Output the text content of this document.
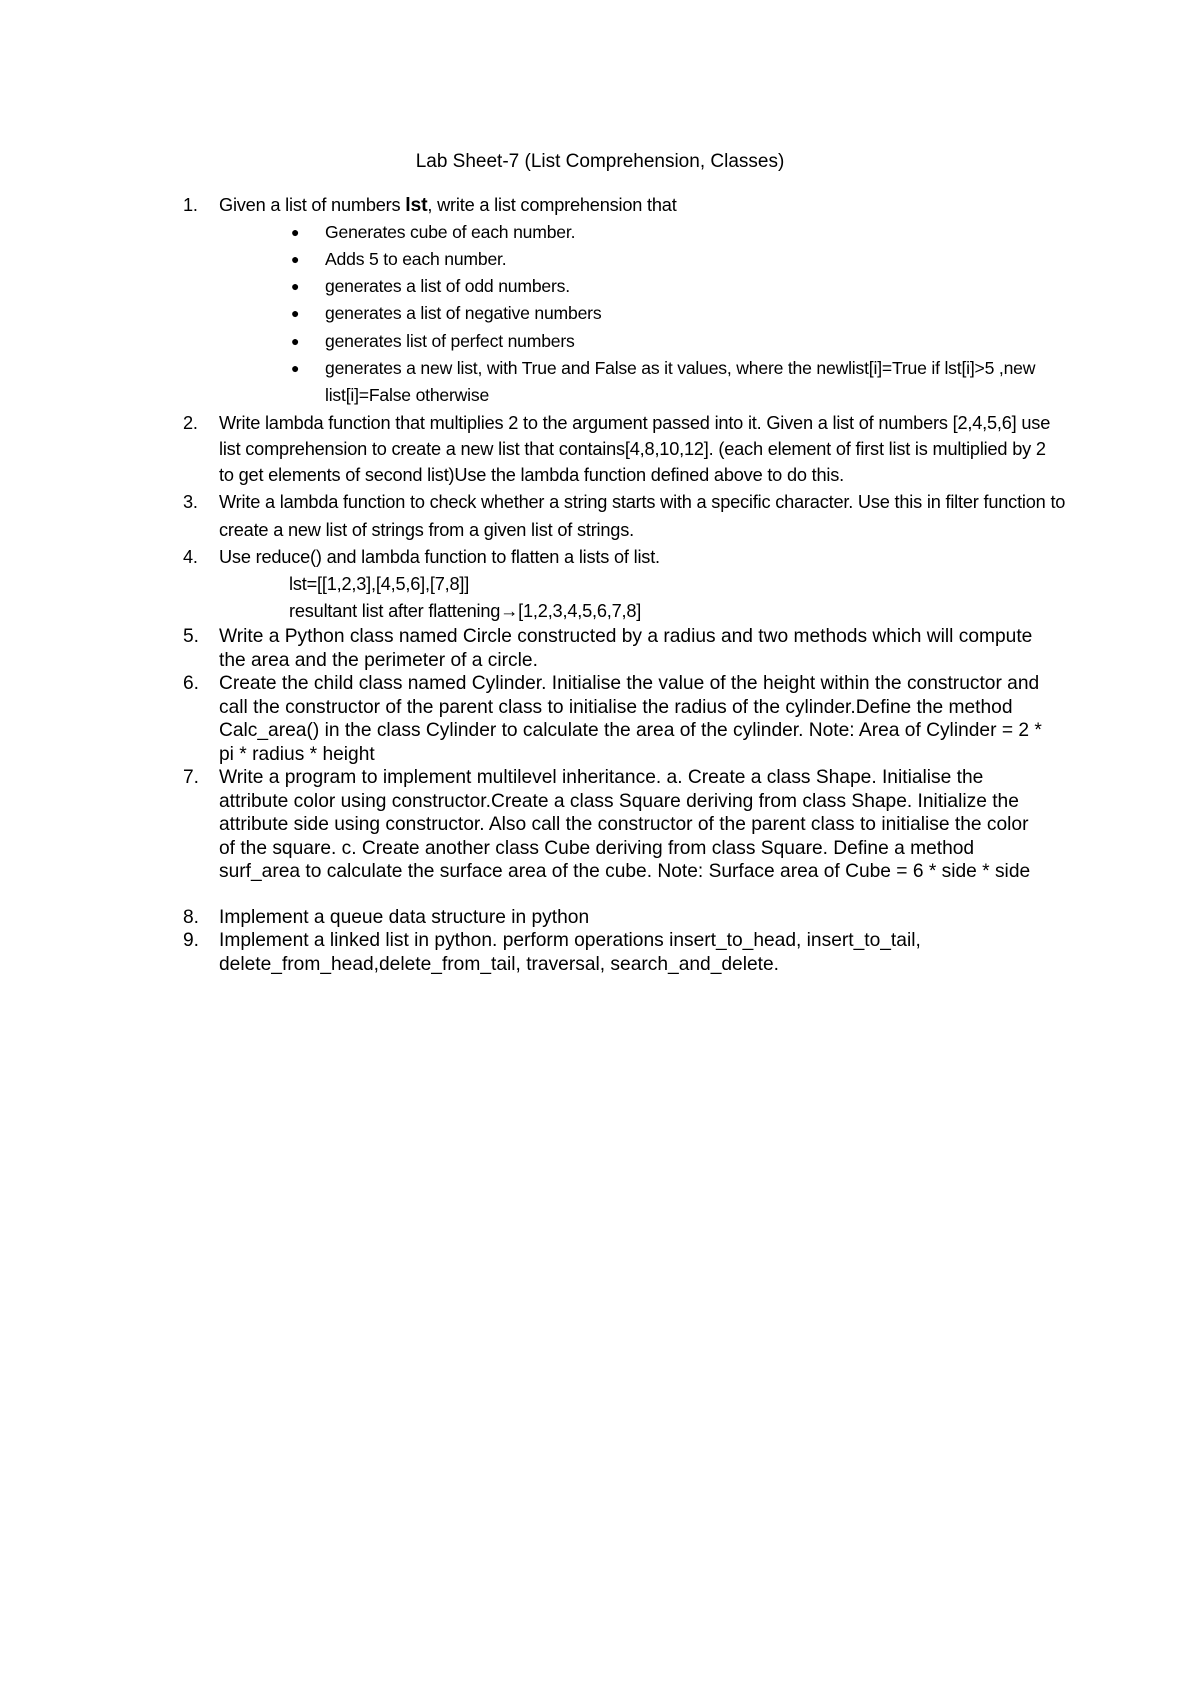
Lab Sheet-7 (List Comprehension, Classes)
1. Given a list of numbers lst, write a list comprehension that
● Generates cube of each number.
● Adds 5 to each number.
● generates a list of odd numbers.
● generates a list of negative numbers
● generates list of perfect numbers
● generates a new list, with True and False as it values, where the newlist[i]=True if lst[i]>5 ,new list[i]=False otherwise
2. Write lambda function that multiplies 2 to the argument passed into it. Given a list of numbers [2,4,5,6] use list comprehension to create a new list that contains[4,8,10,12]. (each element of first list is multiplied by 2 to get elements of second list)Use the lambda function defined above to do this.
3. Write a lambda function to check whether a string starts with a specific character. Use this in filter function to create a new list of strings from a given list of strings.
4. Use reduce() and lambda function to flatten a lists of list.
lst=[[1,2,3],[4,5,6],[7,8]]
resultant list after flattening→[1,2,3,4,5,6,7,8]
5. Write a Python class named Circle constructed by a radius and two methods which will compute the area and the perimeter of a circle.
6. Create the child class named Cylinder. Initialise the value of the height within the constructor and call the constructor of the parent class to initialise the radius of the cylinder.Define the method Calc_area() in the class Cylinder to calculate the area of the cylinder. Note: Area of Cylinder = 2 * pi * radius * height
7. Write a program to implement multilevel inheritance. a. Create a class Shape. Initialise the attribute color using constructor.Create a class Square deriving from class Shape. Initialize the attribute side using constructor. Also call the constructor of the parent class to initialise the color of the square. c. Create another class Cube deriving from class Square. Define a method surf_area to calculate the surface area of the cube. Note: Surface area of Cube = 6 * side * side
8. Implement a queue data structure in python
9. Implement a linked list in python. perform operations insert_to_head, insert_to_tail, delete_from_head,delete_from_tail, traversal, search_and_delete.
